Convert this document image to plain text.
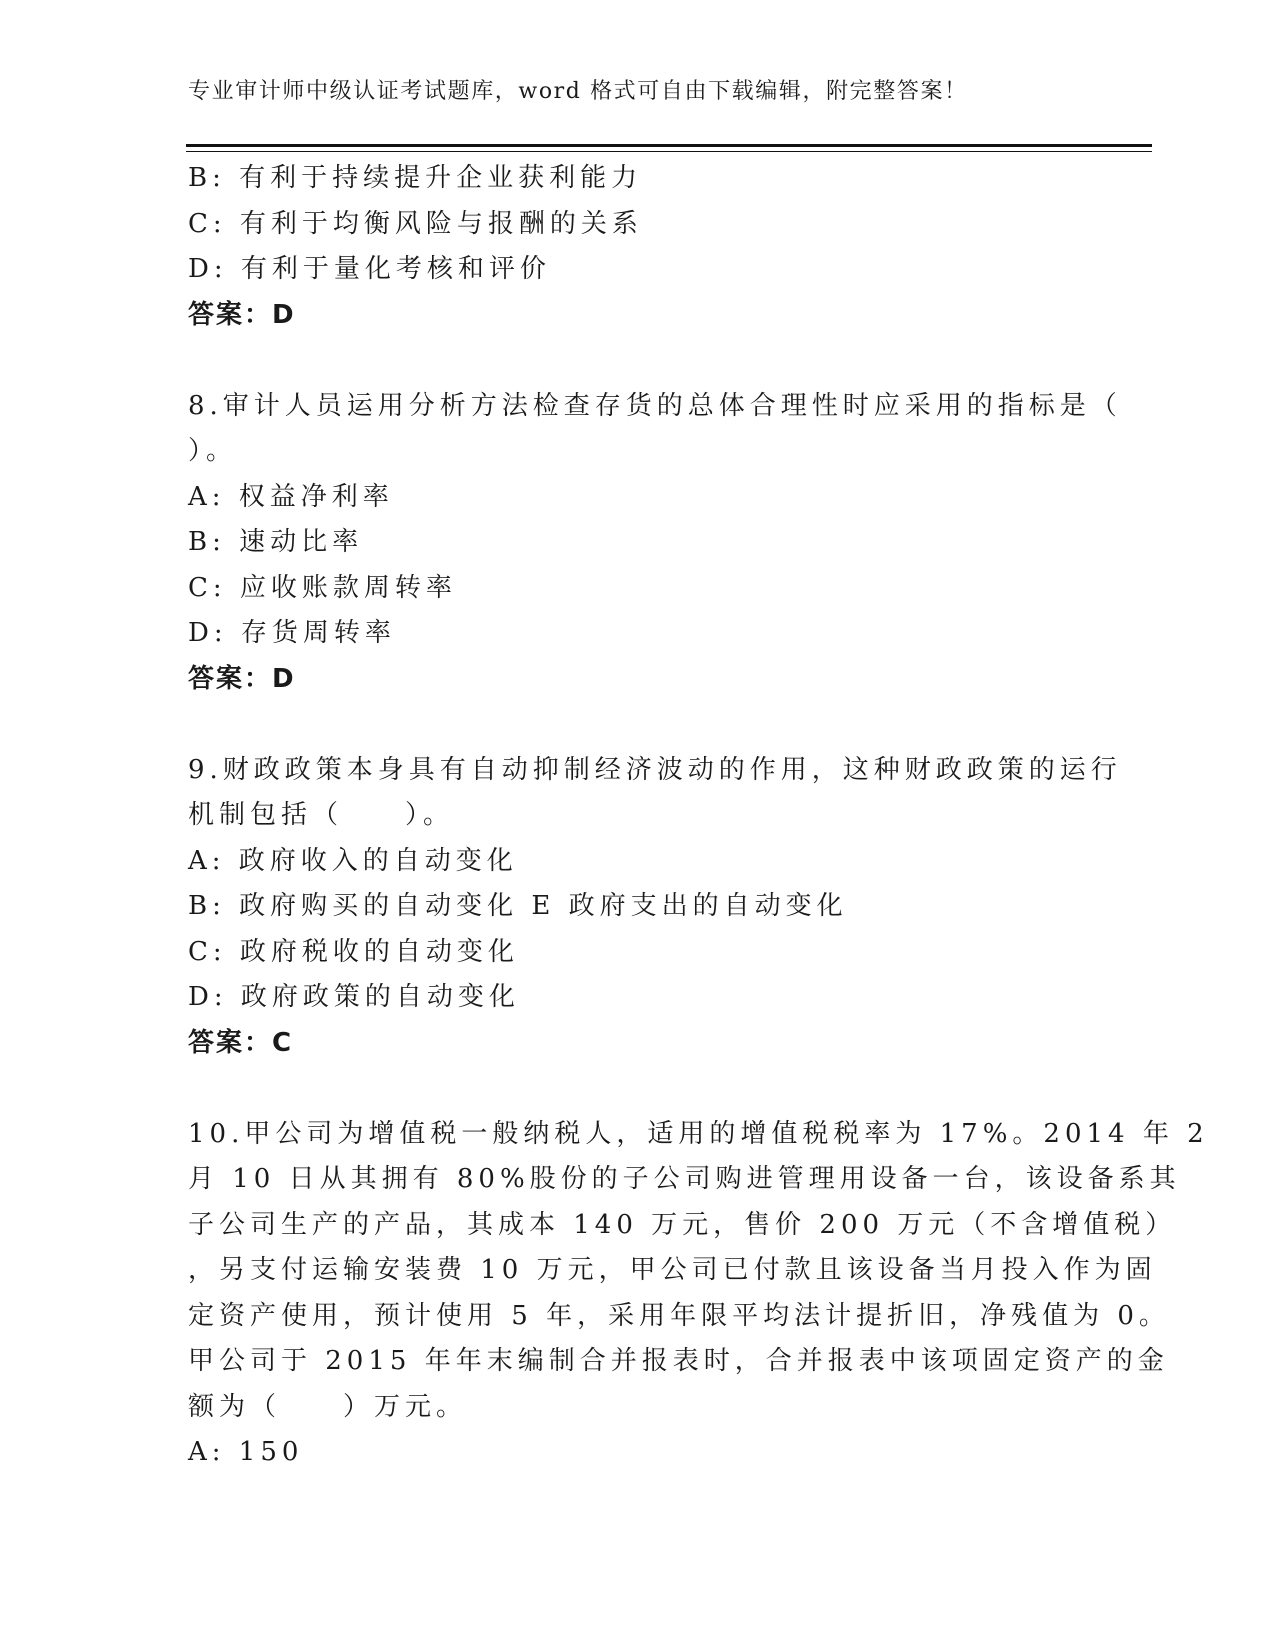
专业审计师中级认证考试题库，word 格式可自由下载编辑，附完整答案！
B: 有利于持续提升企业获利能力
C: 有利于均衡风险与报酬的关系
D: 有利于量化考核和评价
答案：D
8.审计人员运用分析方法检查存货的总体合理性时应采用的指标是（
）。
A: 权益净利率
B: 速动比率
C: 应收账款周转率
D: 存货周转率
答案：D
9.财政政策本身具有自动抑制经济波动的作用，这种财政政策的运行
机制包括（　　）。
A: 政府收入的自动变化
B: 政府购买的自动变化 E 政府支出的自动变化
C: 政府税收的自动变化
D: 政府政策的自动变化
答案：C
10.甲公司为增值税一般纳税人，适用的增值税税率为 17%。2014 年 2
月 10 日从其拥有 80%股份的子公司购进管理用设备一台，该设备系其
子公司生产的产品，其成本 140 万元，售价 200 万元（不含增值税）
，另支付运输安装费 10 万元，甲公司已付款且该设备当月投入作为固
定资产使用，预计使用 5 年，采用年限平均法计提折旧，净残值为 0。
甲公司于 2015 年年末编制合并报表时，合并报表中该项固定资产的金
额为（　　）万元。
A: 150
